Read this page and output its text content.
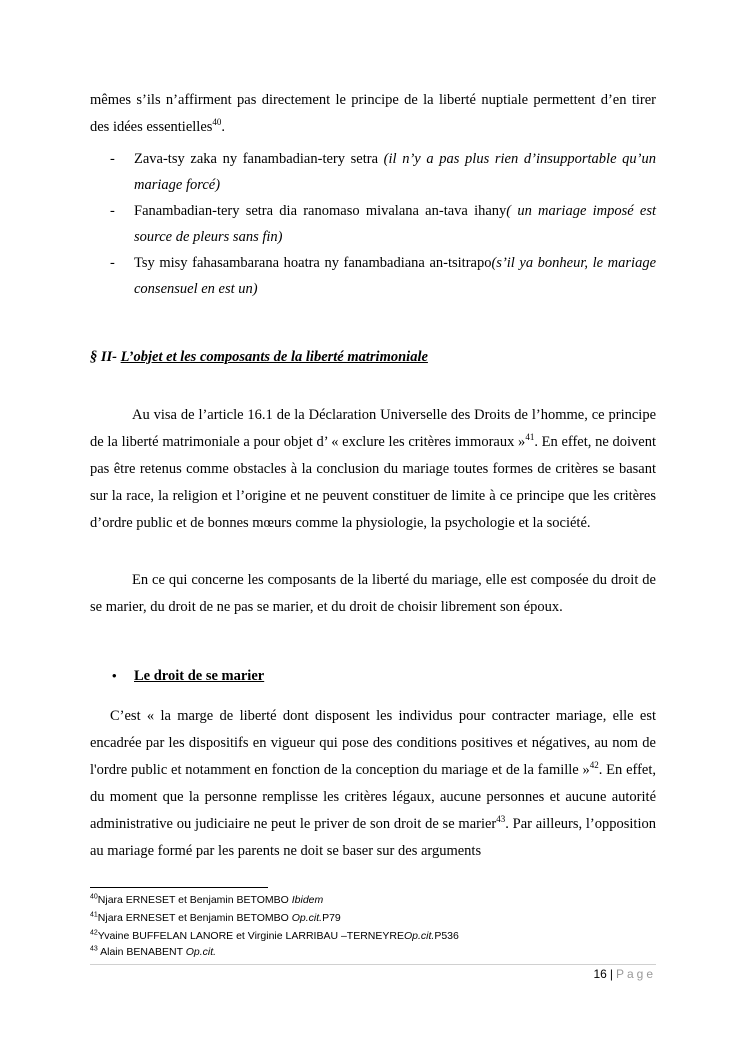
mêmes s’ils n’affirment pas directement le principe de la liberté nuptiale permettent d’en tirer des idées essentielles$^{40}$.

-	Zava-tsy zaka ny fanambadian-tery setra (il n’y a pas plus rien d’insupportable qu’un mariage forcé)

-	Fanambadian-tery setra dia ranomaso mivalana an-tava ihany( un mariage imposé est source de pleurs sans fin)

-	Tsy misy fahasambarana hoatra ny fanambadiana an-tsitrapo(s’il ya bonheur, le mariage consensuel en est un)

§ II- L’objet et les composants de la liberté matrimoniale

Au visa de l’article 16.1 de la Déclaration Universelle des Droits de l’homme, ce principe de la liberté matrimoniale a pour objet d’ « exclure les critères immoraux »$^{41}$. En effet, ne doivent pas être retenus comme obstacles à la conclusion du mariage toutes formes de critères se basant sur la race, la religion et l’origine et ne peuvent constituer de limite à ce principe que les critères d’ordre public et de bonnes mœurs comme la physiologie, la psychologie et la société.

En ce qui concerne les composants de la liberté du mariage, elle est composée du droit de se marier, du droit de ne pas se marier, et du droit de choisir librement son époux.

• Le droit de se marier

C’est « la marge de liberté dont disposent les individus pour contracter mariage, elle est encadrée par les dispositifs en vigueur qui pose des conditions positives et négatives, au nom de l'ordre public et notamment en fonction de la conception du mariage et de la famille »$^{42}$. En effet, du moment que la personne remplisse les critères légaux, aucune personnes et aucune autorité administrative ou judiciaire ne peut le priver de son droit de se marier$^{43}$. Par ailleurs, l’opposition au mariage formé par les parents ne doit se baser sur des arguments

$^{40}$Njara ERNESET et Benjamin BETOMBO Ibidem

$^{41}$Njara ERNESET et Benjamin BETOMBO Op.cit.P79

$^{42}$Yvaine BUFFELAN LANORE et Virginie LARRIBAU –TERNEYREOp.cit.P536

$^{43}$ Alain BENABENT Op.cit.

16 | Page
